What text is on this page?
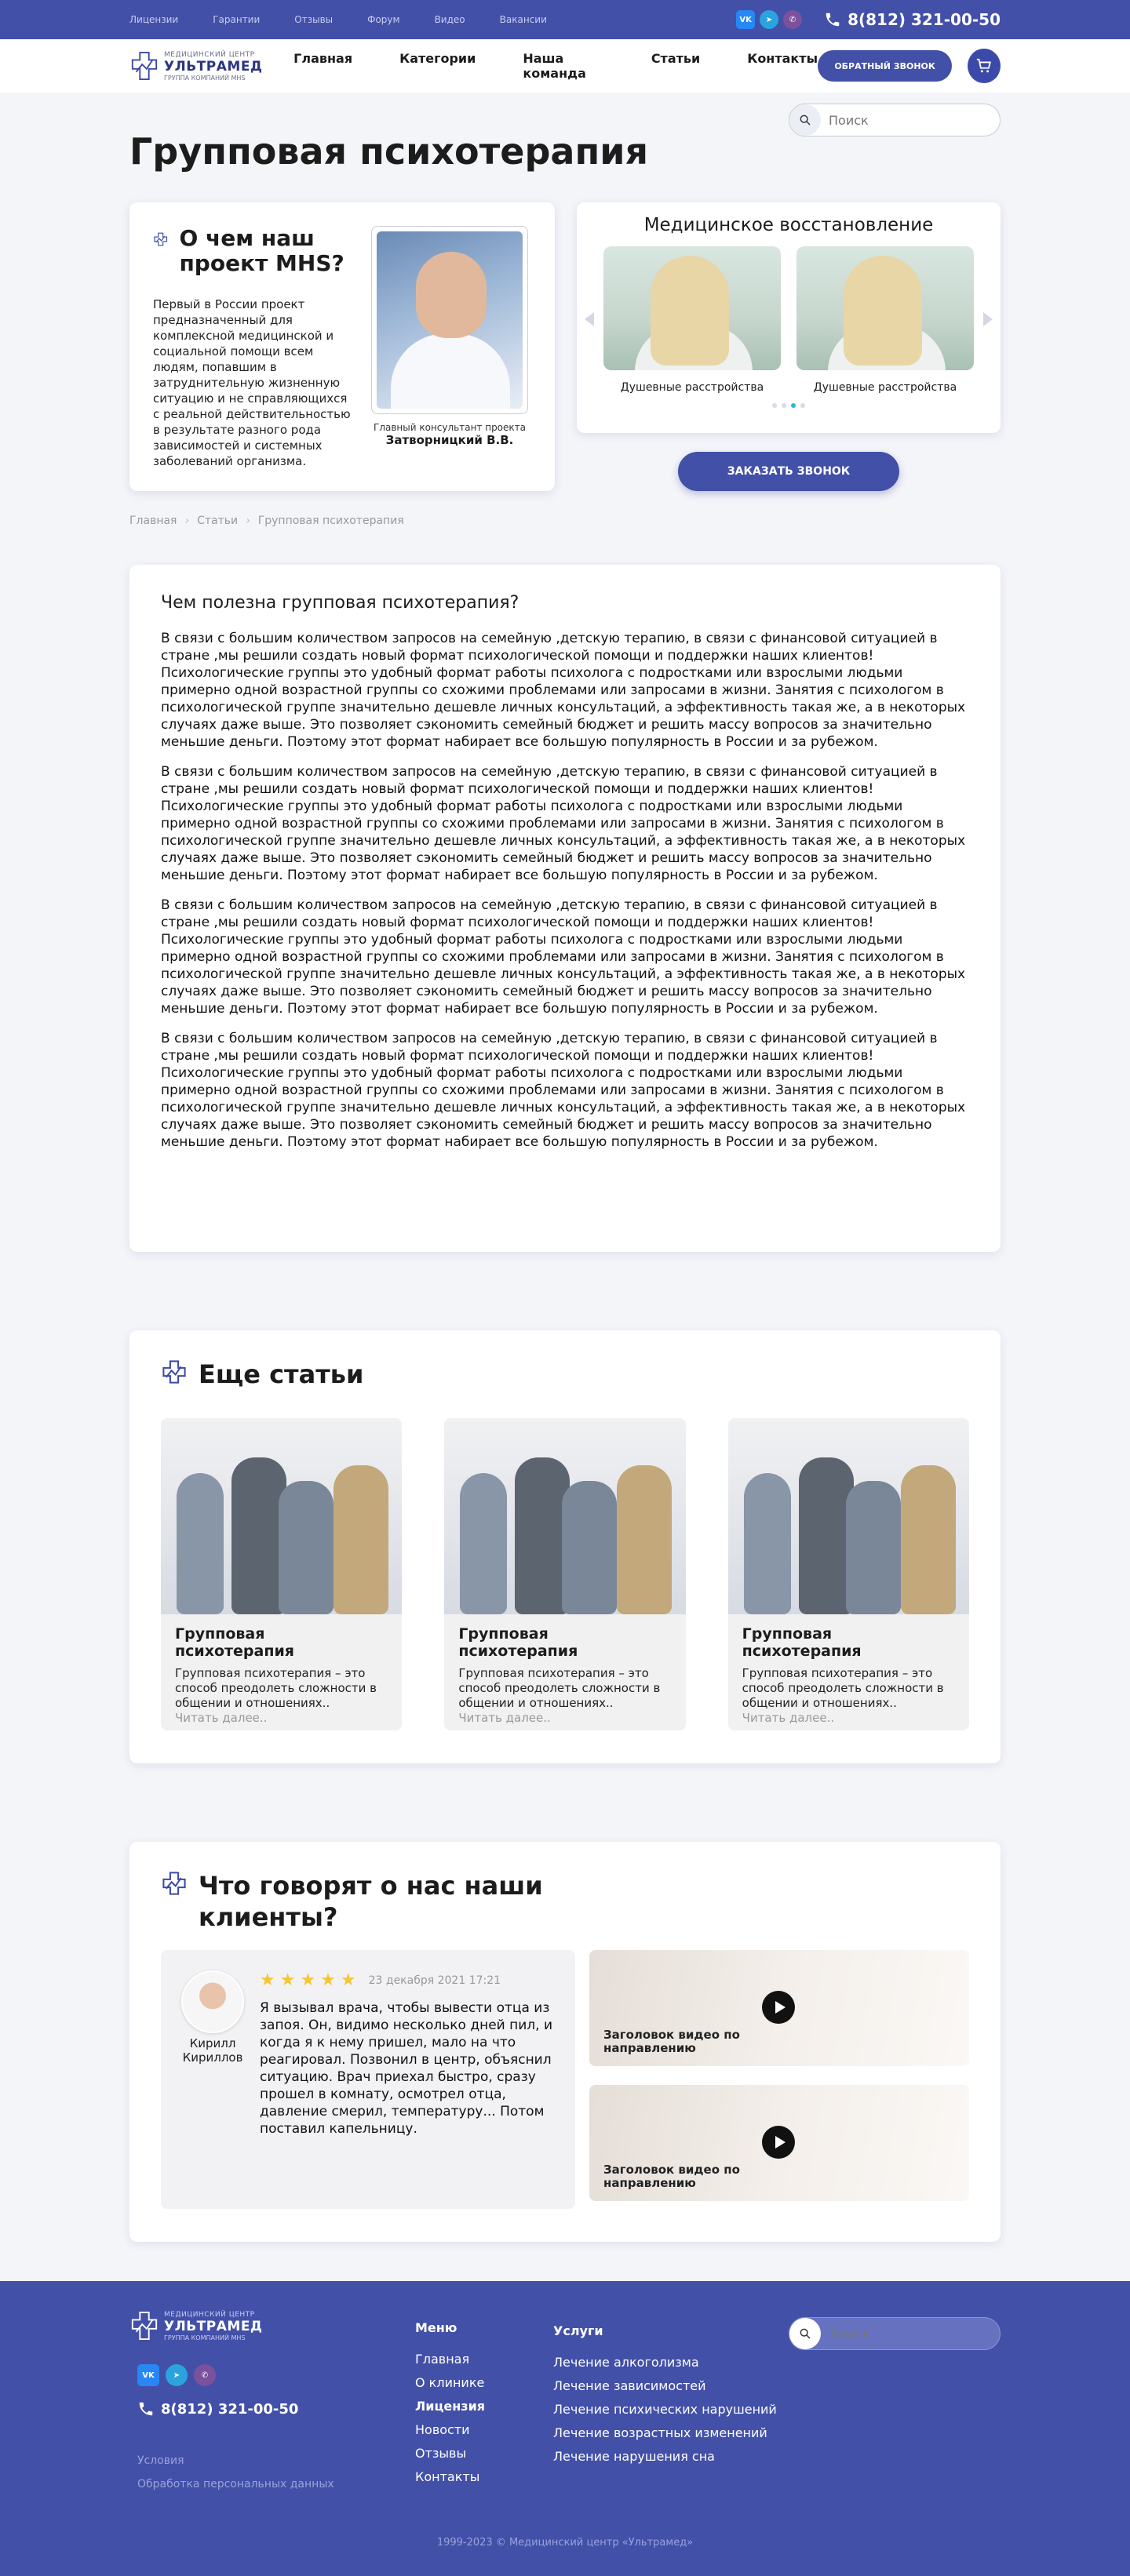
Лицензии	Гарантии	Отзывы	Форум	Видео	Вакансии	VK	➤	✆	8(812) 321-00-50
МЕДИЦИНСКИЙ ЦЕНТР
УЛЬТРАМЕД
ГРУППА КОМПАНИЙ MHS
Главная	Категории	Наша команда
Статьи	Контакты	ОБРАТНЫЙ ЗВОНОК
Групповая психотерапия
Поиск
О чем наш проект MHS?

Первый в России проект предназначенный для комплексной медицинской и социальной помощи всем людям, попавшим в затруднительную жизненную ситуацию и не справляющихся с реальной действительностью в результате разного рода зависимостей и системных заболеваний организма.

Главный консультант проекта
Затворницкий В.В.
Медицинское восстановление
Душевные расстройства	Душевные расстройства
ЗАКАЗАТЬ ЗВОНОК
Главная › Статьи › Групповая психотерапия
Чем полезна групповая психотерапия?

В связи с большим количеством запросов на семейную ,детскую терапию, в связи с финансовой ситуацией в стране ,мы решили создать новый формат психологической помощи и поддержки наших клиентов! Психологические группы это удобный формат работы психолога с подростками или взрослыми людьми примерно одной возрастной группы со схожими проблемами или запросами в жизни. Занятия с психологом в психологической группе значительно дешевле личных консультаций, а эффективность такая же, а в некоторых случаях даже выше. Это позволяет сэкономить семейный бюджет и решить массу вопросов за значительно меньшие деньги. Поэтому этот формат набирает все большую популярность в России и за рубежом.

В связи с большим количеством запросов на семейную ,детскую терапию, в связи с финансовой ситуацией в стране ,мы решили создать новый формат психологической помощи и поддержки наших клиентов! Психологические группы это удобный формат работы психолога с подростками или взрослыми людьми примерно одной возрастной группы со схожими проблемами или запросами в жизни. Занятия с психологом в психологической группе значительно дешевле личных консультаций, а эффективность такая же, а в некоторых случаях даже выше. Это позволяет сэкономить семейный бюджет и решить массу вопросов за значительно меньшие деньги. Поэтому этот формат набирает все большую популярность в России и за рубежом.

В связи с большим количеством запросов на семейную ,детскую терапию, в связи с финансовой ситуацией в стране ,мы решили создать новый формат психологической помощи и поддержки наших клиентов! Психологические группы это удобный формат работы психолога с подростками или взрослыми людьми примерно одной возрастной группы со схожими проблемами или запросами в жизни. Занятия с психологом в психологической группе значительно дешевле личных консультаций, а эффективность такая же, а в некоторых случаях даже выше. Это позволяет сэкономить семейный бюджет и решить массу вопросов за значительно меньшие деньги. Поэтому этот формат набирает все большую популярность в России и за рубежом.

В связи с большим количеством запросов на семейную ,детскую терапию, в связи с финансовой ситуацией в стране ,мы решили создать новый формат психологической помощи и поддержки наших клиентов! Психологические группы это удобный формат работы психолога с подростками или взрослыми людьми примерно одной возрастной группы со схожими проблемами или запросами в жизни. Занятия с психологом в психологической группе значительно дешевле личных консультаций, а эффективность такая же, а в некоторых случаях даже выше. Это позволяет сэкономить семейный бюджет и решить массу вопросов за значительно меньшие деньги. Поэтому этот формат набирает все большую популярность в России и за рубежом.

Еще статьи
Групповая психотерапия
Групповая психотерапия – это способ преодолеть сложности в общении и отношениях..
Читать далее..
Групповая психотерапия
Групповая психотерапия – это способ преодолеть сложности в общении и отношениях..
Читать далее..
Групповая психотерапия
Групповая психотерапия – это способ преодолеть сложности в общении и отношениях..
Читать далее..
Что говорят о нас наши клиенты?
Кирилл Кириллов
★★★★★ 23 декабря 2021 17:21
Я вызывал врача, чтобы вывести отца из запоя. Он, видимо несколько дней пил, и когда я к нему пришел, мало на что реагировал. Позвонил в центр, объяснил ситуацию. Врач приехал быстро, сразу прошел в комнату, осмотрел отца, давление смерил, температуру... Потом поставил капельницу.
Заголовок видео по направлению
Заголовок видео по направлению
МЕДИЦИНСКИЙ ЦЕНТР
УЛЬТРАМЕД
ГРУППА КОМПАНИЙ MHS
VK	➤	✆
8(812) 321-00-50
Условия
Обработка персональных данных
Меню
Главная
О клинике
Лицензия
Новости
Отзывы
Контакты
Услуги
Лечение алкоголизма
Лечение зависимостей
Лечение психических нарушений
Лечение возрастных изменений
Лечение нарушения сна
Поиск
1999-2023 © Медицинский центр «Ультрамед»
